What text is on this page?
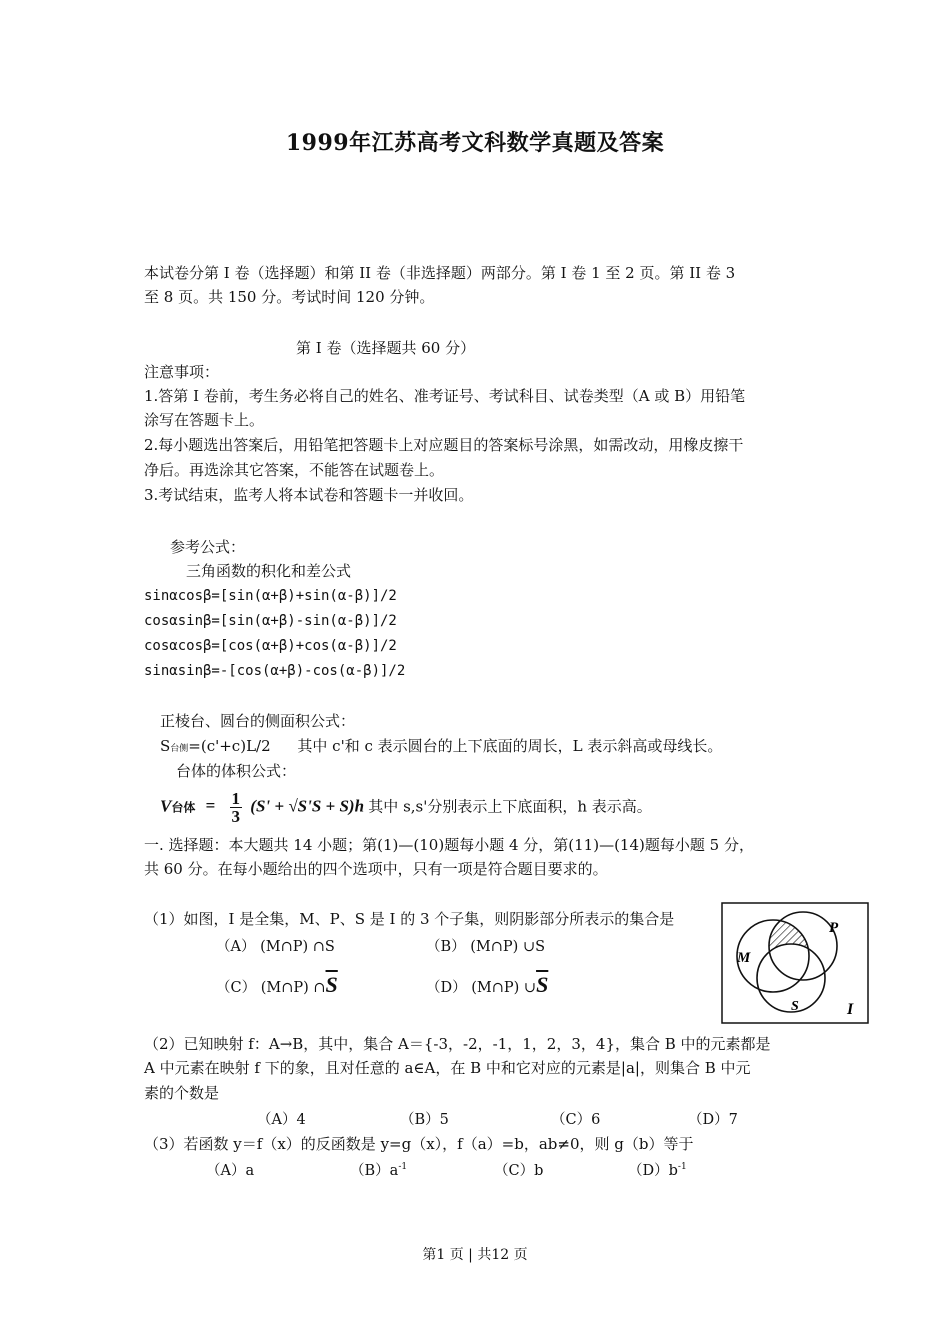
1999年江苏高考文科数学真题及答案
本试卷分第 I 卷（选择题）和第 II 卷（非选择题）两部分。第 I 卷 1 至 2 页。第 II 卷 3
至 8 页。共 150 分。考试时间 120 分钟。
第 I 卷（选择题共 60 分）
注意事项：
1.答第 I 卷前，考生务必将自己的姓名、准考证号、考试科目、试卷类型（A 或 B）用铅笔
涂写在答题卡上。
2.每小题选出答案后，用铅笔把答题卡上对应题目的答案标号涂黑，如需改动，用橡皮擦干
净后。再选涂其它答案，不能答在试题卷上。
3.考试结束，监考人将本试卷和答题卡一并收回。
参考公式：
三角函数的积化和差公式
sinαcosβ=[sin(α+β)+sin(α-β)]/2
cosαsinβ=[sin(α+β)-sin(α-β)]/2
cosαcosβ=[cos(α+β)+cos(α-β)]/2
sinαsinβ=-[cos(α+β)-cos(α-β)]/2
正棱台、圆台的侧面积公式：
S台侧=(c'+c)L/2 其中 c'和 c 表示圆台的上下底面的周长，L 表示斜高或母线长。
台体的体积公式：
V台体 = $\frac{1}{3} (S' + √S'S + S)h$ 其中 s,s'分别表示上下底面积，h 表示高。
一. 选择题：本大题共 14 小题；第(1)—(10)题每小题 4 分，第(11)—(14)题每小题 5 分，
共 60 分。在每小题给出的四个选项中，只有一项是符合题目要求的。
（1）如图，I 是全集，M、P、S 是 I 的 3 个子集，则阴影部分所表示的集合是
（A） (M∩P) ∩S	（B） (M∩P) ∪S
（C） (M∩P) $\cap\overline{S}$	（D） (M∩P) $\cup\overline{S}$
M
P
S	I
（2）已知映射 f：A→B，其中，集合 A＝{-3，-2，-1，1，2，3，4}，集合 B 中的元素都是
A 中元素在映射 f 下的象，且对任意的 a∈A，在 B 中和它对应的元素是|a|，则集合 B 中元
素的个数是
（A）4	（B）5	（C）6	（D）7
（3）若函数 y＝f（x）的反函数是 y=g（x），f（a）=b，ab≠0，则 g（b）等于
（A）a	$(B)a^{-1}$	（C）b	$(D)b^{-1}$
第1 页 | 共12 页
